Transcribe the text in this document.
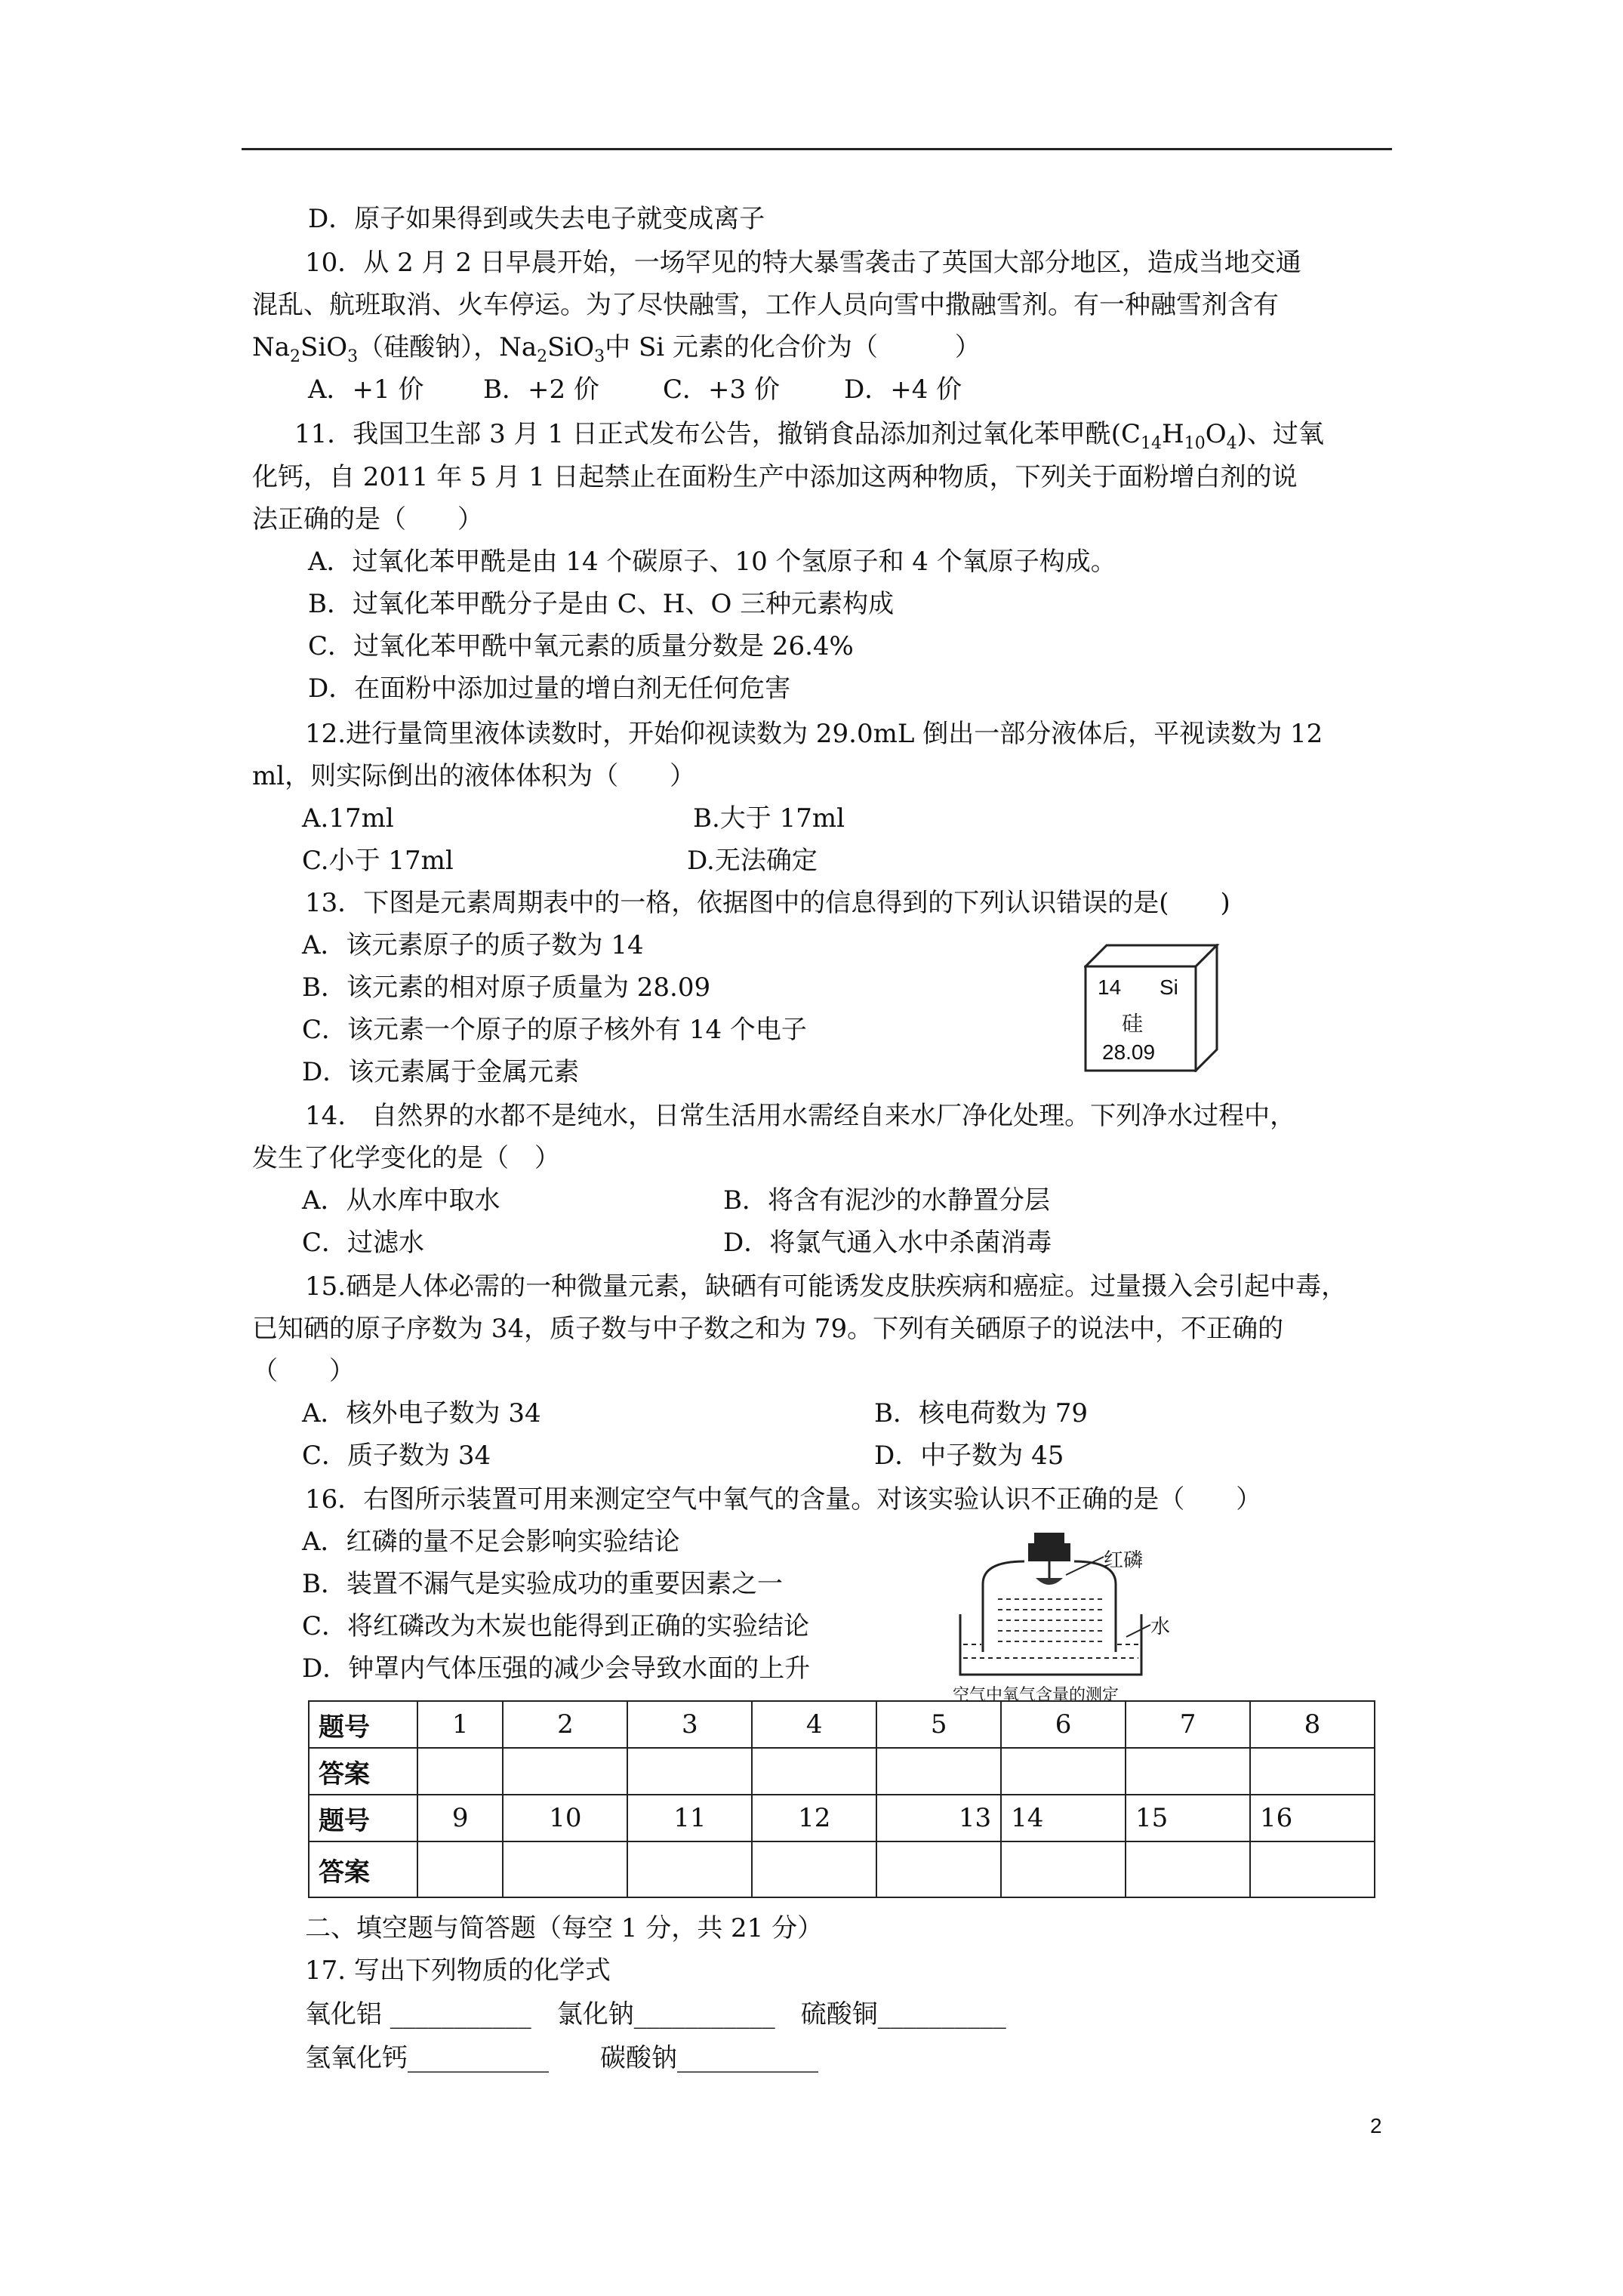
D．原子如果得到或失去电子就变成离子
10．从 2 月 2 日早晨开始，一场罕见的特大暴雪袭击了英国大部分地区，造成当地交通
混乱、航班取消、火车停运。为了尽快融雪，工作人员向雪中撒融雪剂。有一种融雪剂含有
$Na_2SiO_3$（硅酸钠），$Na_2SiO_3$中 Si 元素的化合价为（　　　）
A．+1 价 B．+2 价 C．+3 价	D．+4 价
11．我国卫生部 3 月 1 日正式发布公告，撤销食品添加剂过氧化苯甲酰$(C_{14}H_{10}O_4)$、过氧
化钙，自 2011 年 5 月 1 日起禁止在面粉生产中添加这两种物质，下列关于面粉增白剂的说
法正确的是（　　）
A．过氧化苯甲酰是由 14 个碳原子、10 个氢原子和 4 个氧原子构成。
B．过氧化苯甲酰分子是由 C、H、O 三种元素构成
C．过氧化苯甲酰中氧元素的质量分数是 26.4%
D．在面粉中添加过量的增白剂无任何危害
12.进行量筒里液体读数时，开始仰视读数为 29.0mL 倒出一部分液体后，平视读数为 12
ml，则实际倒出的液体体积为（　　）
A.17ml	B.大于 17ml
C.小于 17ml	D.无法确定
13．下图是元素周期表中的一格，依据图中的信息得到的下列认识错误的是(　　)
A．该元素原子的质子数为 14
B．该元素的相对原子质量为 28.09
C．该元素一个原子的原子核外有 14 个电子
D．该元素属于金属元素
14 Si
硅
28.09
14.　自然界的水都不是纯水，日常生活用水需经自来水厂净化处理。下列净水过程中，
发生了化学变化的是（　）
A．从水库中取水	B．将含有泥沙的水静置分层
C．过滤水	D．将氯气通入水中杀菌消毒
15.硒是人体必需的一种微量元素，缺硒有可能诱发皮肤疾病和癌症。过量摄入会引起中毒，
已知硒的原子序数为 34，质子数与中子数之和为 79。下列有关硒原子的说法中，不正确的
（　　）
A．核外电子数为 34	B．核电荷数为 79
C．质子数为 34	D．中子数为 45
16．右图所示装置可用来测定空气中氧气的含量。对该实验认识不正确的是（　　）
A．红磷的量不足会影响实验结论
B．装置不漏气是实验成功的重要因素之一
C．将红磷改为木炭也能得到正确的实验结论
D．钟罩内气体压强的减少会导致水面的上升
红磷
水
空气中氧气含量的测定
题号	1	2	3	4	5	6	7	8
答案								
题号	9	10	11	12	13	14	15	16
答案								
二、填空题与简答题（每空 1 分，共 21 分）
17. 写出下列物质的化学式
氧化铝 ___________　氯化钠___________　硫酸铜__________
氢氧化钙___________　　碳酸钠___________
2
